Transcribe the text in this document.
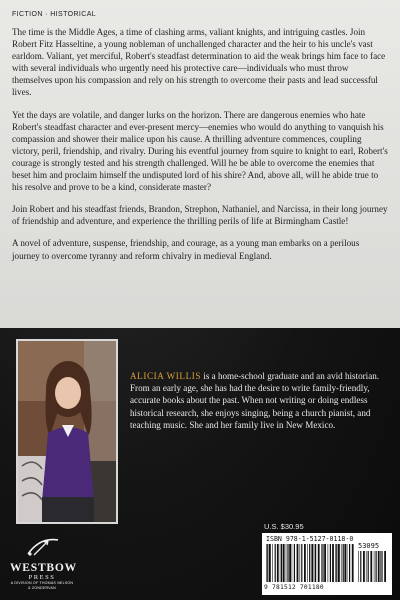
FICTION · HISTORICAL

The time is the Middle Ages, a time of clashing arms, valiant knights, and intriguing castles. Join Robert Fitz Hasseltine, a young nobleman of unchallenged character and the heir to his uncle's vast earldom. Valiant, yet merciful, Robert's steadfast determination to aid the weak brings him face to face with several individuals who urgently need his protective care—individuals who must throw themselves upon his compassion and rely on his strength to overcome their pasts and lead successful lives.

Yet the days are volatile, and danger lurks on the horizon. There are dangerous enemies who hate Robert's steadfast character and ever-present mercy—enemies who would do anything to vanquish his compassion and shower their malice upon his cause. A thrilling adventure commences, coupling victory, peril, friendship, and rivalry. During his eventful journey from squire to knight to earl, Robert's courage is strongly tested and his strength challenged. Will he be able to overcome the enemies that beset him and proclaim himself the undisputed lord of his shire? And, above all, will he abide true to his resolve and prove to be a kind, considerate master?

Join Robert and his steadfast friends, Brandon, Strephon, Nathaniel, and Narcissa, in their long journey of friendship and adventure, and experience the thrilling perils of life at Birmingham Castle!

A novel of adventure, suspense, friendship, and courage, as a young man embarks on a perilous journey to overcome tyranny and reform chivalry in medieval England.

ALICIA WILLIS is a home-school graduate and an avid historian. From an early age, she has had the desire to write family-friendly, accurate books about the past. When not writing or doing endless historical research, she enjoys singing, being a church pianist, and teaching music. She and her family live in New Mexico.
WESTBOW
PRESS
A DIVISION OF THOMAS NELSON
& ZONDERVAN
U.S. $30.95
ISBN 978-1-5127-0118-0
53095
9 781512 701180
